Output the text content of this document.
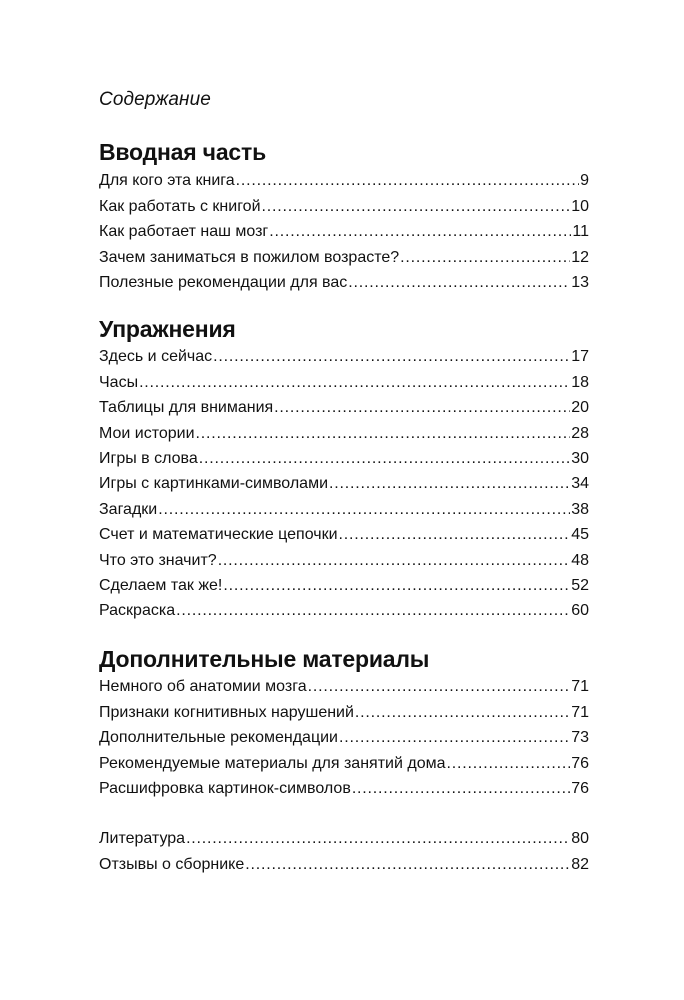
Содержание
Вводная часть
Для кого эта книга .....	9
Как работать с книгой .....	10
Как работает наш мозг .....	11
Зачем заниматься в пожилом возрасте? .....	12
Полезные рекомендации для вас .....	13
Упражнения
Здесь и сейчас .....	17
Часы .....	18
Таблицы для внимания .....	20
Мои истории .....	28
Игры в слова .....	30
Игры с картинками-символами .....	34
Загадки .....	38
Счет и математические цепочки .....	45
Что это значит? .....	48
Сделаем так же! .....	52
Раскраска .....	60
Дополнительные материалы
Немного об анатомии мозга .....	71
Признаки когнитивных нарушений .....	71
Дополнительные рекомендации .....	73
Рекомендуемые материалы для занятий дома .....	76
Расшифровка картинок-символов .....	76
Литература .....	80
Отзывы о сборнике .....	82
